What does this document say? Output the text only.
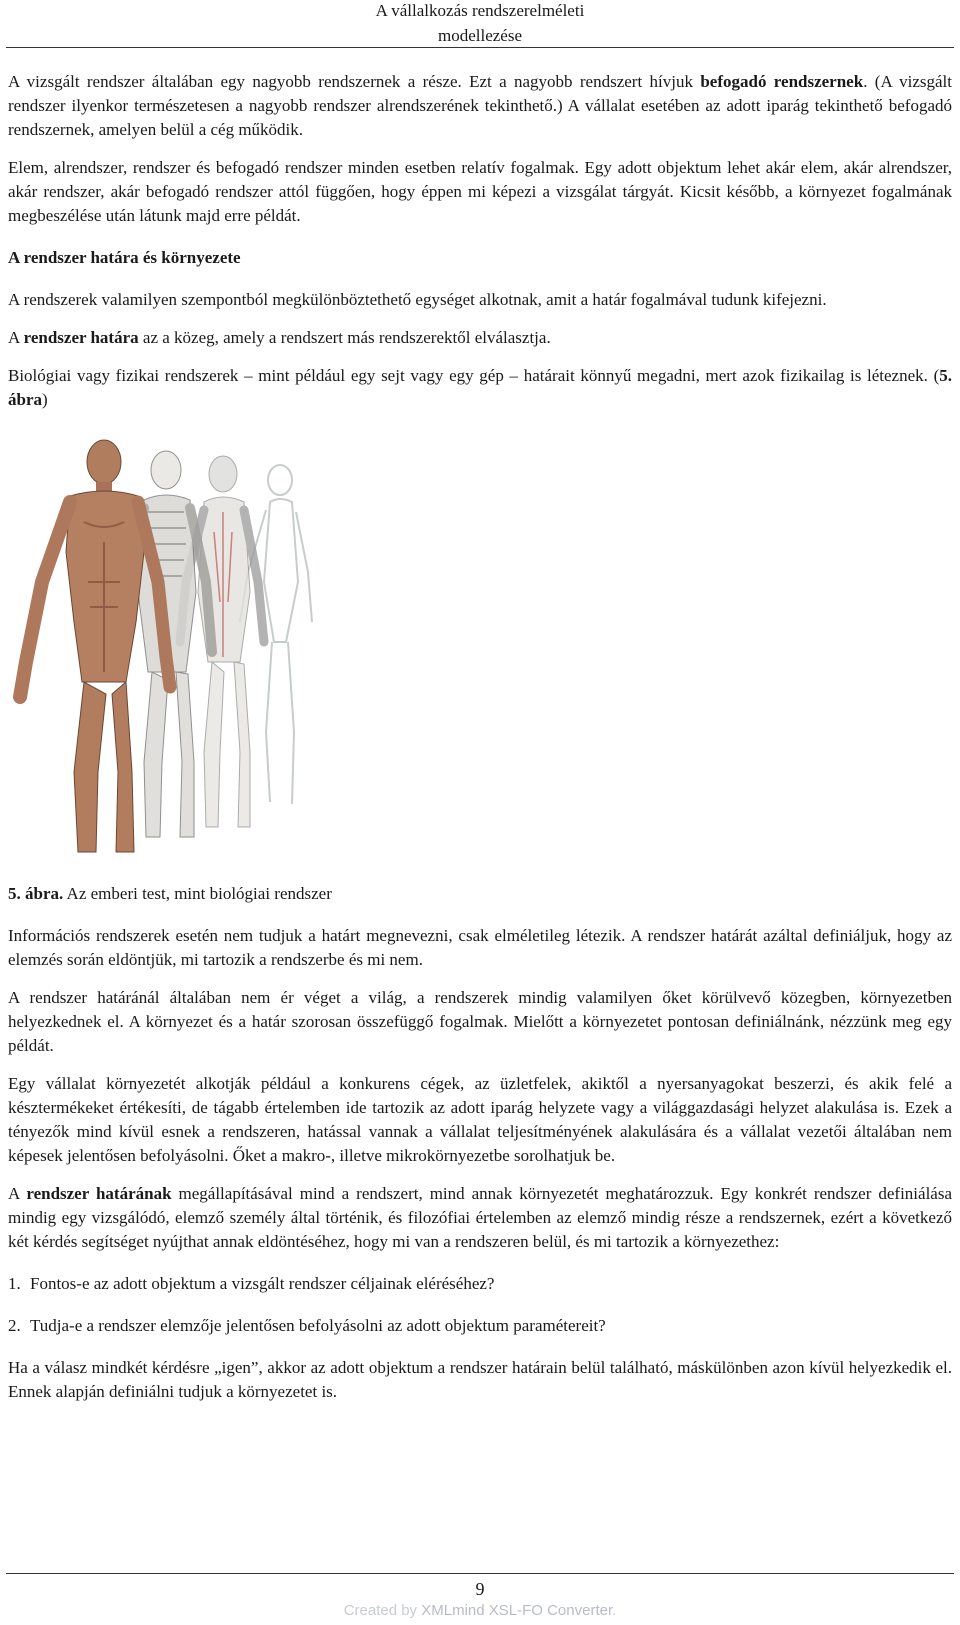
A vállalkozás rendszerelméleti
modellezése

A vizsgált rendszer általában egy nagyobb rendszernek a része. Ezt a nagyobb rendszert hívjuk befogadó rendszernek. (A vizsgált rendszer ilyenkor természetesen a nagyobb rendszer alrendszerének tekinthető.) A vállalat esetében az adott iparág tekinthető befogadó rendszernek, amelyen belül a cég működik.

Elem, alrendszer, rendszer és befogadó rendszer minden esetben relatív fogalmak. Egy adott objektum lehet akár elem, akár alrendszer, akár rendszer, akár befogadó rendszer attól függően, hogy éppen mi képezi a vizsgálat tárgyát. Kicsit később, a környezet fogalmának megbeszélése után látunk majd erre példát.

A rendszer határa és környezete

A rendszerek valamilyen szempontból megkülönböztethető egységet alkotnak, amit a határ fogalmával tudunk kifejezni.

A rendszer határa az a közeg, amely a rendszert más rendszerektől elválasztja.

Biológiai vagy fizikai rendszerek – mint például egy sejt vagy egy gép – határait könnyű megadni, mert azok fizikailag is léteznek. (5. ábra)

5. ábra. Az emberi test, mint biológiai rendszer

Információs rendszerek esetén nem tudjuk a határt megnevezni, csak elméletileg létezik. A rendszer határát azáltal definiáljuk, hogy az elemzés során eldöntjük, mi tartozik a rendszerbe és mi nem.

A rendszer határánál általában nem ér véget a világ, a rendszerek mindig valamilyen őket körülvevő közegben, környezetben helyezkednek el. A környezet és a határ szorosan összefüggő fogalmak. Mielőtt a környezetet pontosan definiálnánk, nézzünk meg egy példát.

Egy vállalat környezetét alkotják például a konkurens cégek, az üzletfelek, akiktől a nyersanyagokat beszerzi, és akik felé a késztermékeket értékesíti, de tágabb értelemben ide tartozik az adott iparág helyzete vagy a világgazdasági helyzet alakulása is. Ezek a tényezők mind kívül esnek a rendszeren, hatással vannak a vállalat teljesítményének alakulására és a vállalat vezetői általában nem képesek jelentősen befolyásolni. Őket a makro-, illetve mikrokörnyezetbe sorolhatjuk be.

A rendszer határának megállapításával mind a rendszert, mind annak környezetét meghatározzuk. Egy konkrét rendszer definiálása mindig egy vizsgálódó, elemző személy által történik, és filozófiai értelemben az elemző mindig része a rendszernek, ezért a következő két kérdés segítséget nyújthat annak eldöntéséhez, hogy mi van a rendszeren belül, és mi tartozik a környezethez:

1. Fontos-e az adott objektum a vizsgált rendszer céljainak eléréséhez?

2. Tudja-e a rendszer elemzője jelentősen befolyásolni az adott objektum paramétereit?

Ha a válasz mindkét kérdésre „igen”, akkor az adott objektum a rendszer határain belül található, máskülönben azon kívül helyezkedik el. Ennek alapján definiálni tudjuk a környezetet is.

9
Created by XMLmind XSL-FO Converter.
